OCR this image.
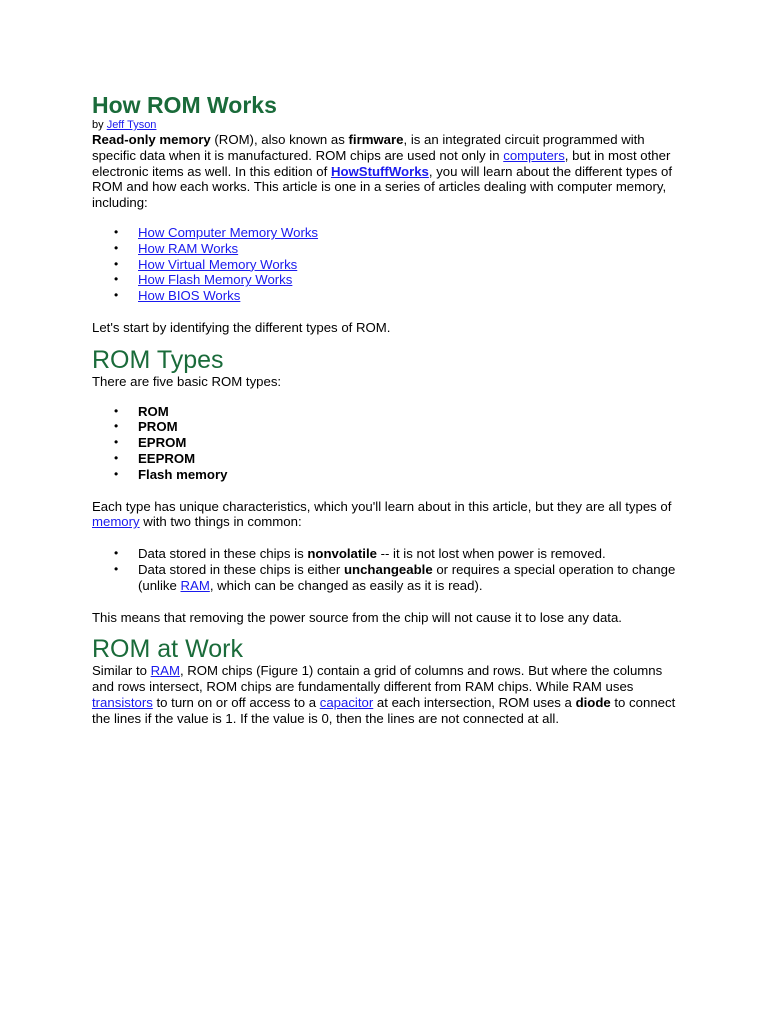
How ROM Works

by Jeff Tyson

Read-only memory (ROM), also known as firmware, is an integrated circuit programmed with specific data when it is manufactured. ROM chips are used not only in computers, but in most other electronic items as well. In this edition of HowStuffWorks, you will learn about the different types of ROM and how each works. This article is one in a series of articles dealing with computer memory, including:

• How Computer Memory Works
• How RAM Works
• How Virtual Memory Works
• How Flash Memory Works
• How BIOS Works

Let's start by identifying the different types of ROM.

ROM Types

There are five basic ROM types:

• ROM
• PROM
• EPROM
• EEPROM
• Flash memory

Each type has unique characteristics, which you'll learn about in this article, but they are all types of memory with two things in common:

• Data stored in these chips is nonvolatile -- it is not lost when power is removed.
• Data stored in these chips is either unchangeable or requires a special operation to change (unlike RAM, which can be changed as easily as it is read).

This means that removing the power source from the chip will not cause it to lose any data.

ROM at Work

Similar to RAM, ROM chips (Figure 1) contain a grid of columns and rows. But where the columns and rows intersect, ROM chips are fundamentally different from RAM chips. While RAM uses transistors to turn on or off access to a capacitor at each intersection, ROM uses a diode to connect the lines if the value is 1. If the value is 0, then the lines are not connected at all.
